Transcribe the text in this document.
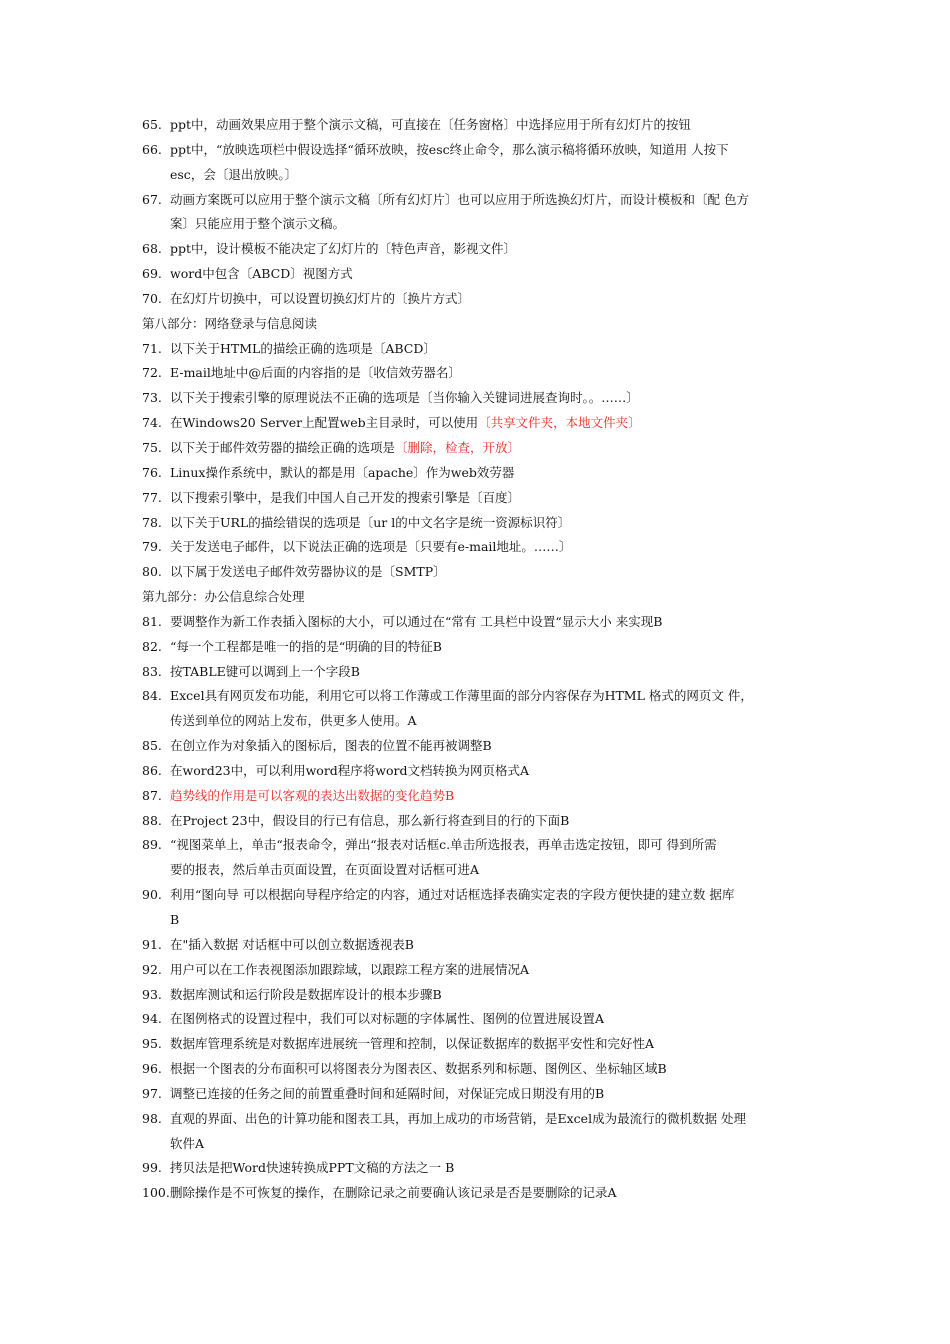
65. ppt中，动画效果应用于整个演示文稿，可直接在〔任务窗格〕中选择应用于所有幻灯片的按钮
66. ppt中，“放映选项栏中假设选择“循环放映，按esc终止命令，那么演示稿将循环放映，知道用 人按下
esc，会〔退出放映。〕
67. 动画方案既可以应用于整个演示文稿〔所有幻灯片〕也可以应用于所选换幻灯片，而设计模板和〔配 色方
案〕只能应用于整个演示文稿。
68. ppt中，设计模板不能决定了幻灯片的〔特色声音，影视文件〕
69. word中包含〔ABCD〕视图方式
70. 在幻灯片切换中，可以设置切换幻灯片的〔换片方式〕
第八部分：网络登录与信息阅读
71. 以下关于HTML的描绘正确的选项是〔ABCD〕
72. E-mail地址中@后面的内容指的是〔收信效劳器名〕
73. 以下关于搜索引擎的原理说法不正确的选项是〔当你输入关键词进展查询时。。……〕
74. 在Windows20 Server上配置web主目录时，可以使用〔共享文件夹，本地文件夹〕
75. 以下关于邮件效劳器的描绘正确的选项是〔删除，检查，开放〕
76. Linux操作系统中，默认的都是用〔apache〕作为web效劳器
77. 以下搜索引擎中，是我们中国人自己开发的搜索引擎是〔百度〕
78. 以下关于URL的描绘错误的选项是〔ur l的中文名字是统一资源标识符〕
79. 关于发送电子邮件，以下说法正确的选项是〔只要有e-mail地址。……〕
80. 以下属于发送电子邮件效劳器协议的是〔SMTP〕
第九部分：办公信息综合处理
81. 要调整作为新工作表插入图标的大小，可以通过在“常有 工具栏中设置“显示大小 来实现B
82. “每一个工程都是唯一的指的是“明确的目的特征B
83. 按TABLE键可以调到上一个字段B
84. Excel具有网页发布功能，利用它可以将工作薄或工作薄里面的部分内容保存为HTML 格式的网页文 件，
传送到单位的网站上发布，供更多人使用。A
85. 在创立作为对象插入的图标后，图表的位置不能再被调整B
86. 在word23中，可以利用word程序将word文档转换为网页格式A
87. 趋势线的作用是可以客观的表达出数据的变化趋势B
88. 在Project 23中，假设目的行已有信息，那么新行将查到目的行的下面B
89. “视图菜单上，单击“报表命令，弹出“报表对话框c.单击所选报表，再单击选定按钮，即可 得到所需
要的报表，然后单击页面设置，在页面设置对话框可进A
90. 利用“图向导 可以根据向导程序给定的内容，通过对话框选择表确实定表的字段方便快捷的建立数 据库
B
91. 在"插入数据 对话框中可以创立数据透视表B
92. 用户可以在工作表视图添加跟踪域，以跟踪工程方案的进展情况A
93. 数据库测试和运行阶段是数据库设计的根本步骤B
94. 在图例格式的设置过程中，我们可以对标题的字体属性、图例的位置进展设置A
95. 数据库管理系统是对数据库进展统一管理和控制，以保证数据库的数据平安性和完好性A
96. 根据一个图表的分布面积可以将图表分为图表区、数据系列和标题、图例区、坐标轴区域B
97. 调整已连接的任务之间的前置重叠时间和延隔时间，对保证完成日期没有用的B
98. 直观的界面、出色的计算功能和图表工具，再加上成功的市场营销，是Excel成为最流行的微机数据 处理
软件A
99. 拷贝法是把Word快速转换成PPT文稿的方法之一 B
100. 删除操作是不可恢复的操作，在删除记录之前要确认该记录是否是要删除的记录A
